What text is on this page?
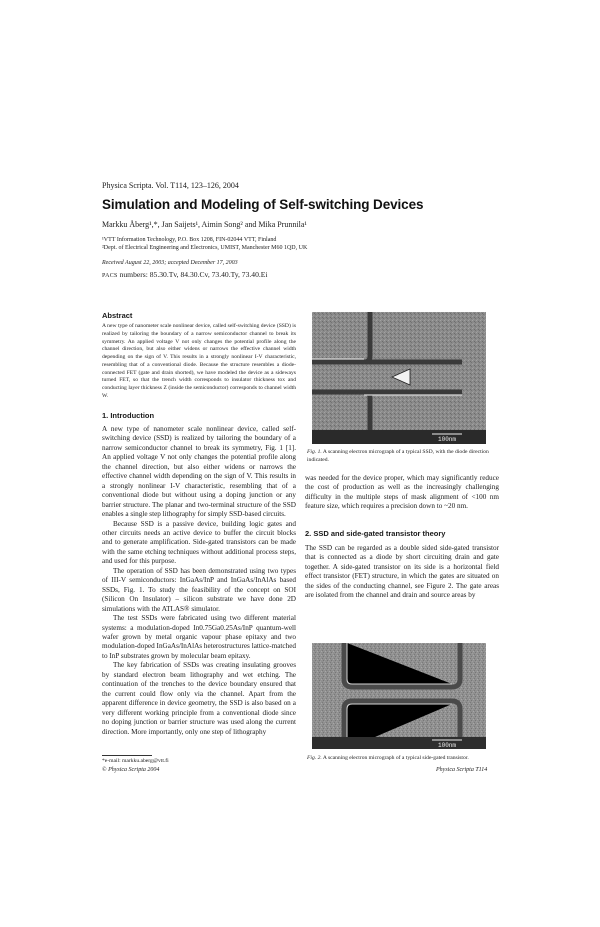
Physica Scripta. Vol. T114, 123–126, 2004
Simulation and Modeling of Self-switching Devices
Markku Åberg¹,*, Jan Saijets¹, Aimin Song² and Mika Prunnila¹
¹VTT Information Technology, P.O. Box 1208, FIN-02044 VTT, Finland
²Dept. of Electrical Engineering and Electronics, UMIST, Manchester M60 1QD, UK
Received August 22, 2003; accepted December 17, 2003
PACS numbers: 85.30.Tv, 84.30.Cv, 73.40.Ty, 73.40.Ei
Abstract
A new type of nanometer scale nonlinear device, called self-switching device (SSD) is realized by tailoring the boundary of a narrow semiconductor channel to break its symmetry. An applied voltage V not only changes the potential profile along the channel direction, but also either widens or narrows the effective channel width depending on the sign of V. This results in a strongly nonlinear I-V characteristic, resembling that of a conventional diode. Because the structure resembles a diode-connected FET (gate and drain shorted), we have modeled the device as a sideways turned FET, so that the trench width corresponds to insulator thickness tox and conducting layer thickness Z (inside the semiconductor) corresponds to channel width W.
1. Introduction

A new type of nanometer scale nonlinear device, called self-switching device (SSD) is realized by tailoring the boundary of a narrow semiconductor channel to break its symmetry, Fig. 1 [1]. An applied voltage V not only changes the potential profile along the channel direction, but also either widens or narrows the effective channel width depending on the sign of V. This results in a strongly nonlinear I-V characteristic, resembling that of a conventional diode but without using a doping junction or any barrier structure. The planar and two-terminal structure of the SSD enables a single step lithography for simply SSD-based circuits.

Because SSD is a passive device, building logic gates and other circuits needs an active device to buffer the circuit blocks and to generate amplification. Side-gated transistors can be made with the same etching techniques without additional process steps, and used for this purpose.

The operation of SSD has been demonstrated using two types of III-V semiconductors: InGaAs/InP and InGaAs/InAlAs based SSDs, Fig. 1. To study the feasibility of the concept on SOI (Silicon On Insulator) – silicon substrate we have done 2D simulations with the ATLAS® simulator.

The test SSDs were fabricated using two different material systems: a modulation-doped In0.75Ga0.25As/InP quantum-well wafer grown by metal organic vapour phase epitaxy and two modulation-doped InGaAs/InAlAs heterostructures lattice-matched to InP substrates grown by molecular beam epitaxy.

The key fabrication of SSDs was creating insulating grooves by standard electron beam lithography and wet etching. The continuation of the trenches to the device boundary ensured that the current could flow only via the channel. Apart from the apparent difference in device geometry, the SSD is also based on a very different working principle from a conventional diode since no doping junction or barrier structure was used along the current direction. More importantly, only one step of lithography

100nm
Fig. 1. A scanning electron micrograph of a typical SSD, with the diode direction indicated.

was needed for the device proper, which may significantly reduce the cost of production as well as the increasingly challenging difficulty in the multiple steps of mask alignment of <100 nm feature size, which requires a precision down to ~20 nm.

2. SSD and side-gated transistor theory

The SSD can be regarded as a double sided side-gated transistor that is connected as a diode by short circuiting drain and gate together. A side-gated transistor on its side is a horizontal field effect transistor (FET) structure, in which the gates are situated on the sides of the conducting channel, see Figure 2. The gate areas are isolated from the channel and drain and source areas by

100nm
Fig. 2. A scanning electron micrograph of a typical side-gated transistor.
*e-mail: markku.aberg@vtt.fi
© Physica Scripta 2004	Physica Scripta T114
